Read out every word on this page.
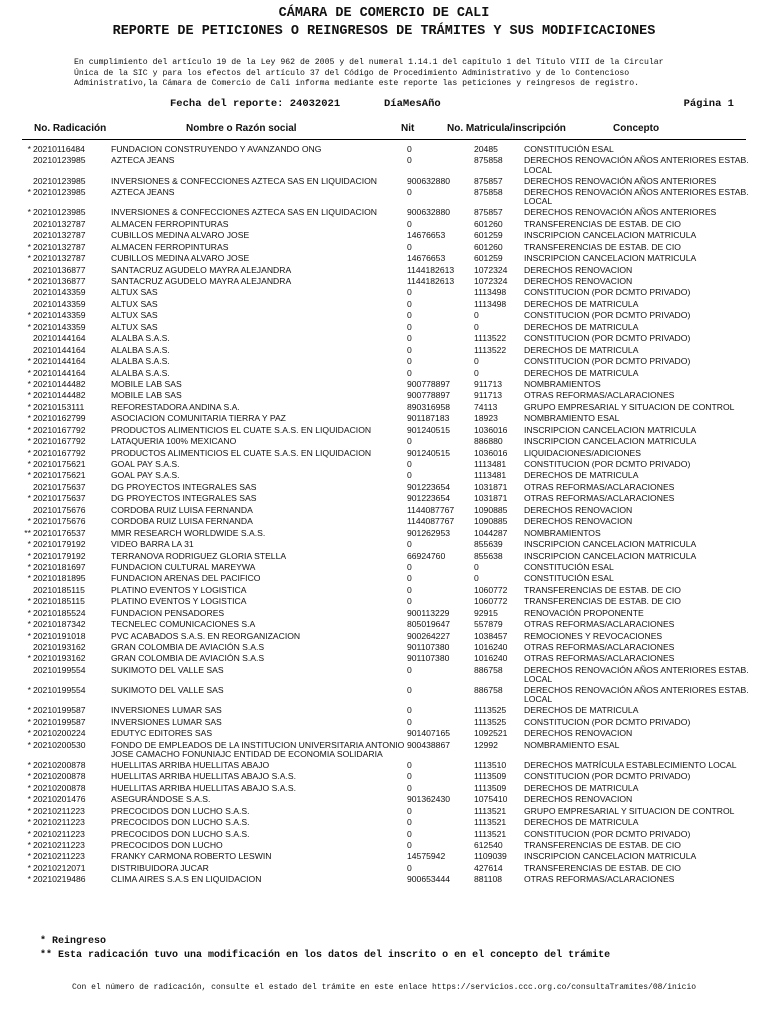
CÁMARA DE COMERCIO DE CALI
REPORTE DE PETICIONES O REINGRESOS DE TRÁMITES Y SUS MODIFICACIONES
En cumplimiento del artículo 19 de la Ley 962 de 2005 y del numeral 1.14.1 del capítulo 1 del Título VIII de la Circular
Única de la SIC y para los efectos del artículo 37 del Código de Procedimiento Administrativo y de lo Contencioso
Administrativo,la Cámara de Comercio de Cali informa mediante este reporte las peticiones y reingresos de registro.
Fecha del reporte: 24032021	DíaMesAño	Página 1
No. Radicación	Nombre o Razón social	Nit	No. Matricula/inscripción	Concepto
* 20210116484	FUNDACION CONSTRUYENDO Y AVANZANDO ONG	0	20485	CONSTITUCIÓN ESAL
20210123985	AZTECA JEANS	0	875858 DERECHOS RENOVACIÓN AÑOS ANTERIORES ESTAB. LOCAL
20210123985	INVERSIONES & CONFECCIONES AZTECA SAS EN LIQUIDACION	900632880	875857 DERECHOS RENOVACIÓN AÑOS ANTERIORES
* 20210123985	AZTECA JEANS	0	875858 DERECHOS RENOVACIÓN AÑOS ANTERIORES ESTAB. LOCAL
* 20210123985	INVERSIONES & CONFECCIONES AZTECA SAS EN LIQUIDACION	900632880	875857 DERECHOS RENOVACIÓN AÑOS ANTERIORES
20210132787	ALMACEN FERROPINTURAS	0	601260 TRANSFERENCIAS DE ESTAB. DE CIO
20210132787	CUBILLOS MEDINA ALVARO JOSE	14676653	601259 INSCRIPCION CANCELACION MATRICULA
* 20210132787	ALMACEN FERROPINTURAS	0	601260 TRANSFERENCIAS DE ESTAB. DE CIO
* 20210132787	CUBILLOS MEDINA ALVARO JOSE	14676653	601259 INSCRIPCION CANCELACION MATRICULA
20210136877	SANTACRUZ AGUDELO MAYRA ALEJANDRA	1144182613 1072324 DERECHOS RENOVACION
* 20210136877	SANTACRUZ AGUDELO MAYRA ALEJANDRA	1144182613 1072324 DERECHOS RENOVACION
20210143359	ALTUX SAS	0	1113498 CONSTITUCION (POR DCMTO PRIVADO)
20210143359	ALTUX SAS	0	1113498 DERECHOS DE MATRICULA
* 20210143359	ALTUX SAS	0	0	CONSTITUCION (POR DCMTO PRIVADO)
* 20210143359	ALTUX SAS	0	0	DERECHOS DE MATRICULA
20210144164	ALALBA S.A.S.	0	1113522 CONSTITUCION (POR DCMTO PRIVADO)
20210144164	ALALBA S.A.S.	0	1113522 DERECHOS DE MATRICULA
* 20210144164	ALALBA S.A.S.	0	0	CONSTITUCION (POR DCMTO PRIVADO)
* 20210144164	ALALBA S.A.S.	0	0	DERECHOS DE MATRICULA
* 20210144482	MOBILE LAB SAS	900778897	911713	NOMBRAMIENTOS
* 20210144482	MOBILE LAB SAS	900778897	911713	OTRAS REFORMAS/ACLARACIONES
* 20210153111	REFORESTADORA ANDINA S.A.	890316958	74113	GRUPO EMPRESARIAL Y SITUACION DE CONTROL
* 20210162799	ASOCIACION COMUNITARIA TIERRA Y PAZ	901187183	18923	NOMBRAMIENTO ESAL
* 20210167792	PRODUCTOS ALIMENTICIOS EL CUATE S.A.S. EN LIQUIDACION	901240515	1036016 INSCRIPCION CANCELACION MATRICULA
* 20210167792	LATAQUERIA 100% MEXICANO	0	886880 INSCRIPCION CANCELACION MATRICULA
* 20210167792	PRODUCTOS ALIMENTICIOS EL CUATE S.A.S. EN LIQUIDACION	901240515	1036016 LIQUIDACIONES/ADICIONES
* 20210175621	GOAL PAY S.A.S.	0	1113481 CONSTITUCION (POR DCMTO PRIVADO)
* 20210175621	GOAL PAY S.A.S.	0	1113481 DERECHOS DE MATRICULA
20210175637	DG PROYECTOS INTEGRALES SAS	901223654	1031871 OTRAS REFORMAS/ACLARACIONES
* 20210175637	DG PROYECTOS INTEGRALES SAS	901223654	1031871 OTRAS REFORMAS/ACLARACIONES
20210175676	CORDOBA RUIZ LUISA FERNANDA	1144087767 1090885 DERECHOS RENOVACION
* 20210175676	CORDOBA RUIZ LUISA FERNANDA	1144087767 1090885 DERECHOS RENOVACION
** 20210176537	MMR RESEARCH WORLDWIDE S.A.S.	901262953	1044287 NOMBRAMIENTOS
* 20210179192	VIDEO BARRA LA 31	0	855639 INSCRIPCION CANCELACION MATRICULA
* 20210179192	TERRANOVA RODRIGUEZ GLORIA STELLA	66924760	855638 INSCRIPCION CANCELACION MATRICULA
* 20210181697	FUNDACION CULTURAL MAREYWA	0	0	CONSTITUCIÓN ESAL
* 20210181895	FUNDACION ARENAS DEL PACIFICO	0	0	CONSTITUCIÓN ESAL
20210185115	PLATINO EVENTOS Y LOGISTICA	0	1060772 TRANSFERENCIAS DE ESTAB. DE CIO
* 20210185115	PLATINO EVENTOS Y LOGISTICA	0	1060772 TRANSFERENCIAS DE ESTAB. DE CIO
* 20210185524	FUNDACION PENSADORES	900113229	92915	RENOVACIÓN PROPONENTE
* 20210187342	TECNELEC COMUNICACIONES S.A	805019647	557879 OTRAS REFORMAS/ACLARACIONES
* 20210191018	PVC ACABADOS S.A.S. EN REORGANIZACION	900264227	1038457 REMOCIONES Y REVOCACIONES
20210193162	GRAN COLOMBIA DE AVIACIÓN S.A.S	901107380	1016240 OTRAS REFORMAS/ACLARACIONES
* 20210193162	GRAN COLOMBIA DE AVIACIÓN S.A.S	901107380	1016240 OTRAS REFORMAS/ACLARACIONES
20210199554	SUKIMOTO DEL VALLE SAS	0	886758 DERECHOS RENOVACIÓN AÑOS ANTERIORES ESTAB. LOCAL
* 20210199554	SUKIMOTO DEL VALLE SAS	0	886758 DERECHOS RENOVACIÓN AÑOS ANTERIORES ESTAB. LOCAL
* 20210199587	INVERSIONES LUMAR SAS	0	1113525 DERECHOS DE MATRICULA
* 20210199587	INVERSIONES LUMAR SAS	0	1113525 CONSTITUCION (POR DCMTO PRIVADO)
* 20210200224	EDUTYC EDITORES SAS	901407165	1092521 DERECHOS RENOVACION
* 20210200530	FONDO DE EMPLEADOS DE LA INSTITUCION UNIVERSITARIA ANTONIO JOSE CAMACHO FONUNIAJC ENTIDAD DE ECONOMIA SOLIDARIA
900438867	12992	NOMBRAMIENTO ESAL
* 20210200878	HUELLITAS ARRIBA HUELLITAS ABAJO	0	1113510 DERECHOS MATRÍCULA ESTABLECIMIENTO LOCAL
* 20210200878	HUELLITAS ARRIBA HUELLITAS ABAJO S.A.S.	0	1113509 CONSTITUCION (POR DCMTO PRIVADO)
* 20210200878	HUELLITAS ARRIBA HUELLITAS ABAJO S.A.S.	0	1113509 DERECHOS DE MATRICULA
* 20210201476	ASEGURÁNDOSE S.A.S.	901362430	1075410 DERECHOS RENOVACION
* 20210211223	PRECOCIDOS DON LUCHO S.A.S.	0	1113521 GRUPO EMPRESARIAL Y SITUACION DE CONTROL
* 20210211223	PRECOCIDOS DON LUCHO S.A.S.	0	1113521 DERECHOS DE MATRICULA
* 20210211223	PRECOCIDOS DON LUCHO S.A.S.	0	1113521 CONSTITUCION (POR DCMTO PRIVADO)
* 20210211223	PRECOCIDOS DON LUCHO	0	612540 TRANSFERENCIAS DE ESTAB. DE CIO
* 20210211223	FRANKY CARMONA ROBERTO LESWIN	14575942	1109039 INSCRIPCION CANCELACION MATRICULA
* 20210212071	DISTRIBUIDORA JUCAR	0	427614 TRANSFERENCIAS DE ESTAB. DE CIO
* 20210219486	CLIMA AIRES S.A.S EN LIQUIDACION	900653444	881108	OTRAS REFORMAS/ACLARACIONES
* Reingreso
** Esta radicación tuvo una modificación en los datos del inscrito o en el concepto del trámite
Con el número de radicación, consulte el estado del trámite en este enlace https://servicios.ccc.org.co/consultaTramites/08/inicio
